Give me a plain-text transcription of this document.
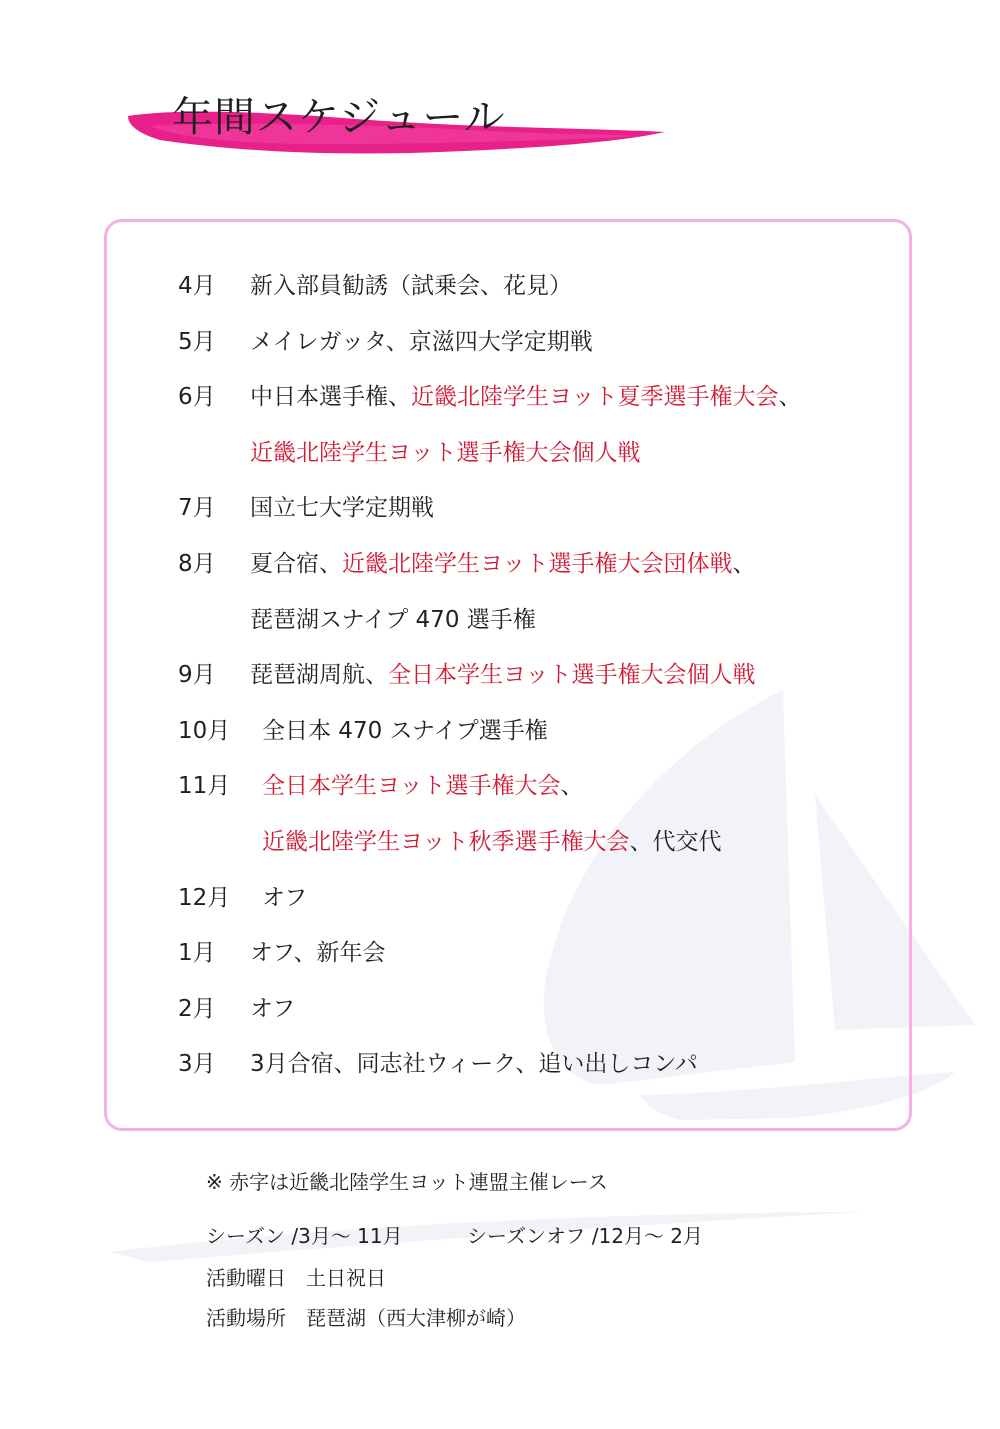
年間スケジュール
4月 新入部員勧誘（試乗会、花見）
5月 メイレガッタ、京滋四大学定期戦
6月 中日本選手権、近畿北陸学生ヨット夏季選手権大会、
近畿北陸学生ヨット選手権大会個人戦
7月 国立七大学定期戦
8月 夏合宿、近畿北陸学生ヨット選手権大会団体戦、
琵琶湖スナイプ 470 選手権
9月 琵琶湖周航、全日本学生ヨット選手権大会個人戦
10月 全日本 470 スナイプ選手権
11月 全日本学生ヨット選手権大会、
近畿北陸学生ヨット秋季選手権大会、代交代
12月 オフ
1月 オフ、新年会
2月 オフ
3月 3月合宿、同志社ウィーク、追い出しコンパ
※ 赤字は近畿北陸学生ヨット連盟主催レース
シーズン /3月～ 11月	シーズンオフ /12月～ 2月
活動曜日　土日祝日
活動場所　琵琶湖（西大津柳が崎）
